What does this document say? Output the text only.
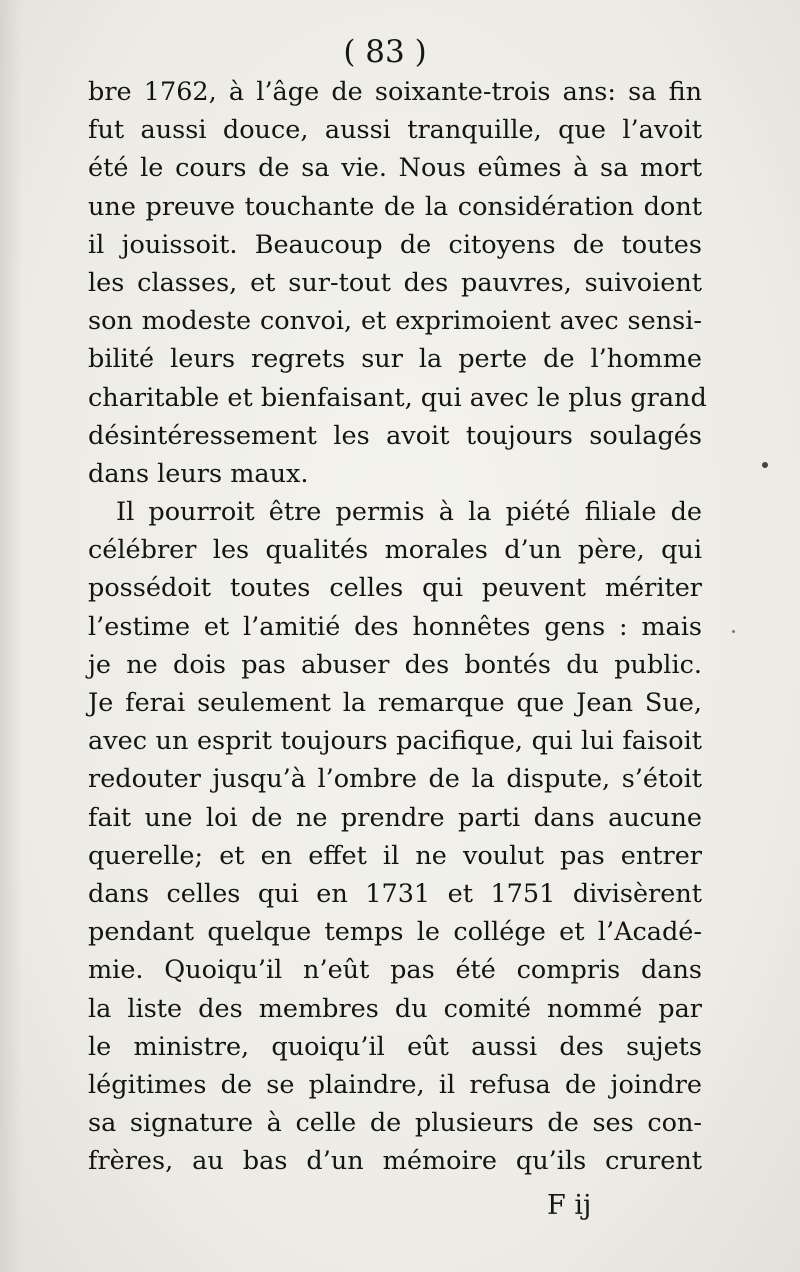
( 83 )
bre 1762, à l’âge de soixante-trois ans: sa fin
fut aussi douce, aussi tranquille, que l’avoit
été le cours de sa vie. Nous eûmes à sa mort
une preuve touchante de la considération dont
il jouissoit. Beaucoup de citoyens de toutes
les classes, et sur-tout des pauvres, suivoient
son modeste convoi, et exprimoient avec sensi-
bilité leurs regrets sur la perte de l’homme
charitable et bienfaisant, qui avec le plus grand
désintéressement les avoit toujours soulagés
dans leurs maux.
Il pourroit être permis à la piété filiale de
célébrer les qualités morales d’un père, qui
possédoit toutes celles qui peuvent mériter
l’estime et l’amitié des honnêtes gens : mais
je ne dois pas abuser des bontés du public.
Je ferai seulement la remarque que Jean Sue,
avec un esprit toujours pacifique, qui lui faisoit
redouter jusqu’à l’ombre de la dispute, s’étoit
fait une loi de ne prendre parti dans aucune
querelle; et en effet il ne voulut pas entrer
dans celles qui en 1731 et 1751 divisèrent
pendant quelque temps le collége et l’Acadé-
mie. Quoiqu’il n’eût pas été compris dans
la liste des membres du comité nommé par
le ministre, quoiqu’il eût aussi des sujets
légitimes de se plaindre, il refusa de joindre
sa signature à celle de plusieurs de ses con-
frères, au bas d’un mémoire qu’ils crurent
F ij
